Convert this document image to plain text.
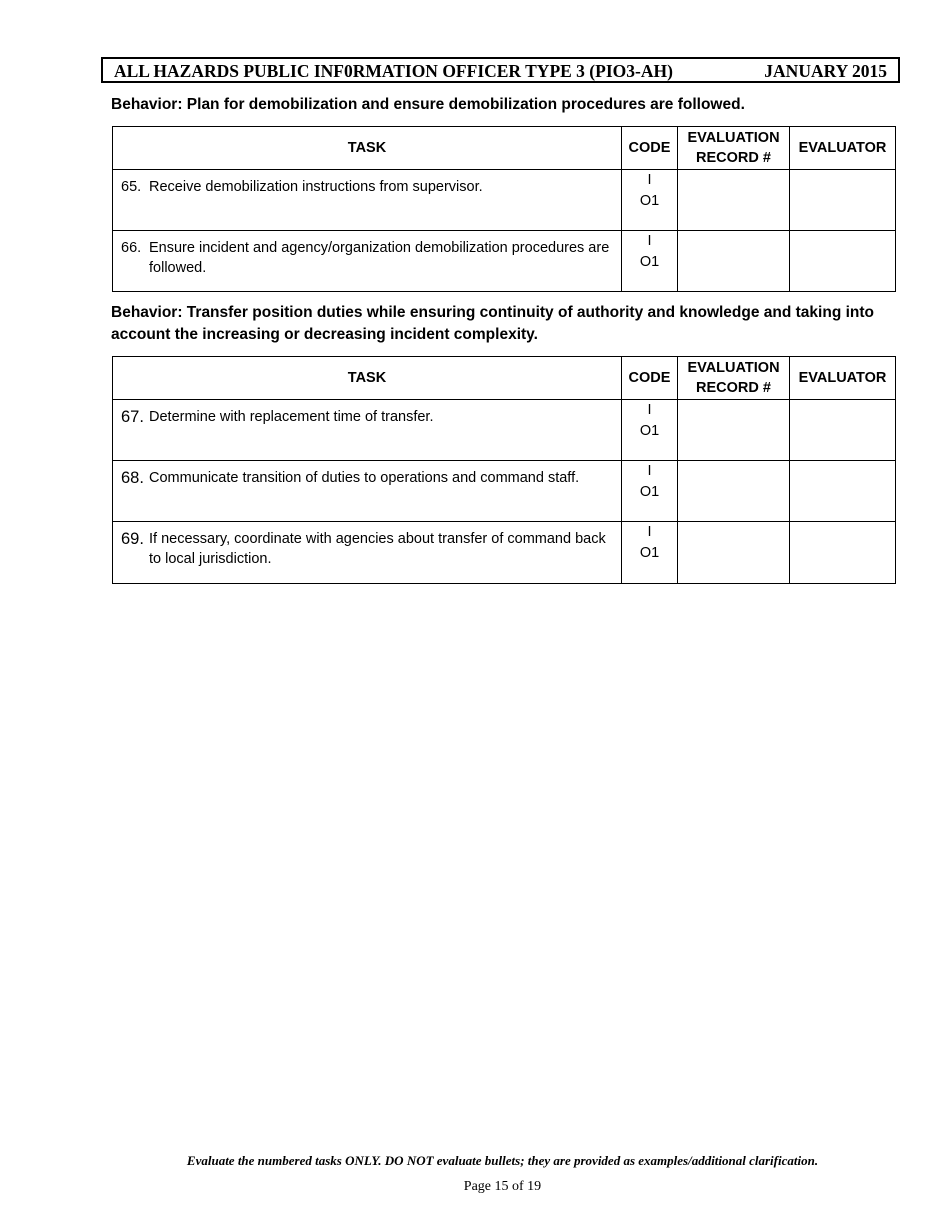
ALL HAZARDS PUBLIC INF0RMATION OFFICER TYPE 3 (PIO3-AH)	JANUARY 2015
Behavior: Plan for demobilization and ensure demobilization procedures are followed.
TASK	CODE	EVALUATION RECORD #	EVALUATOR

65. Receive demobilization instructions from supervisor.	I
O1		

66. Ensure incident and agency/organization demobilization procedures are followed.	I
O1		

Behavior: Transfer position duties while ensuring continuity of authority and knowledge and taking into account the increasing or decreasing incident complexity.
TASK	CODE	EVALUATION RECORD #	EVALUATOR

67. Determine with replacement time of transfer.	I
O1		

68. Communicate transition of duties to operations and command staff.	I
O1		

69. If necessary, coordinate with agencies about transfer of command back to local jurisdiction.	I
O1		

Evaluate the numbered tasks ONLY. DO NOT evaluate bullets; they are provided as examples/additional clarification.
Page 15 of 19
